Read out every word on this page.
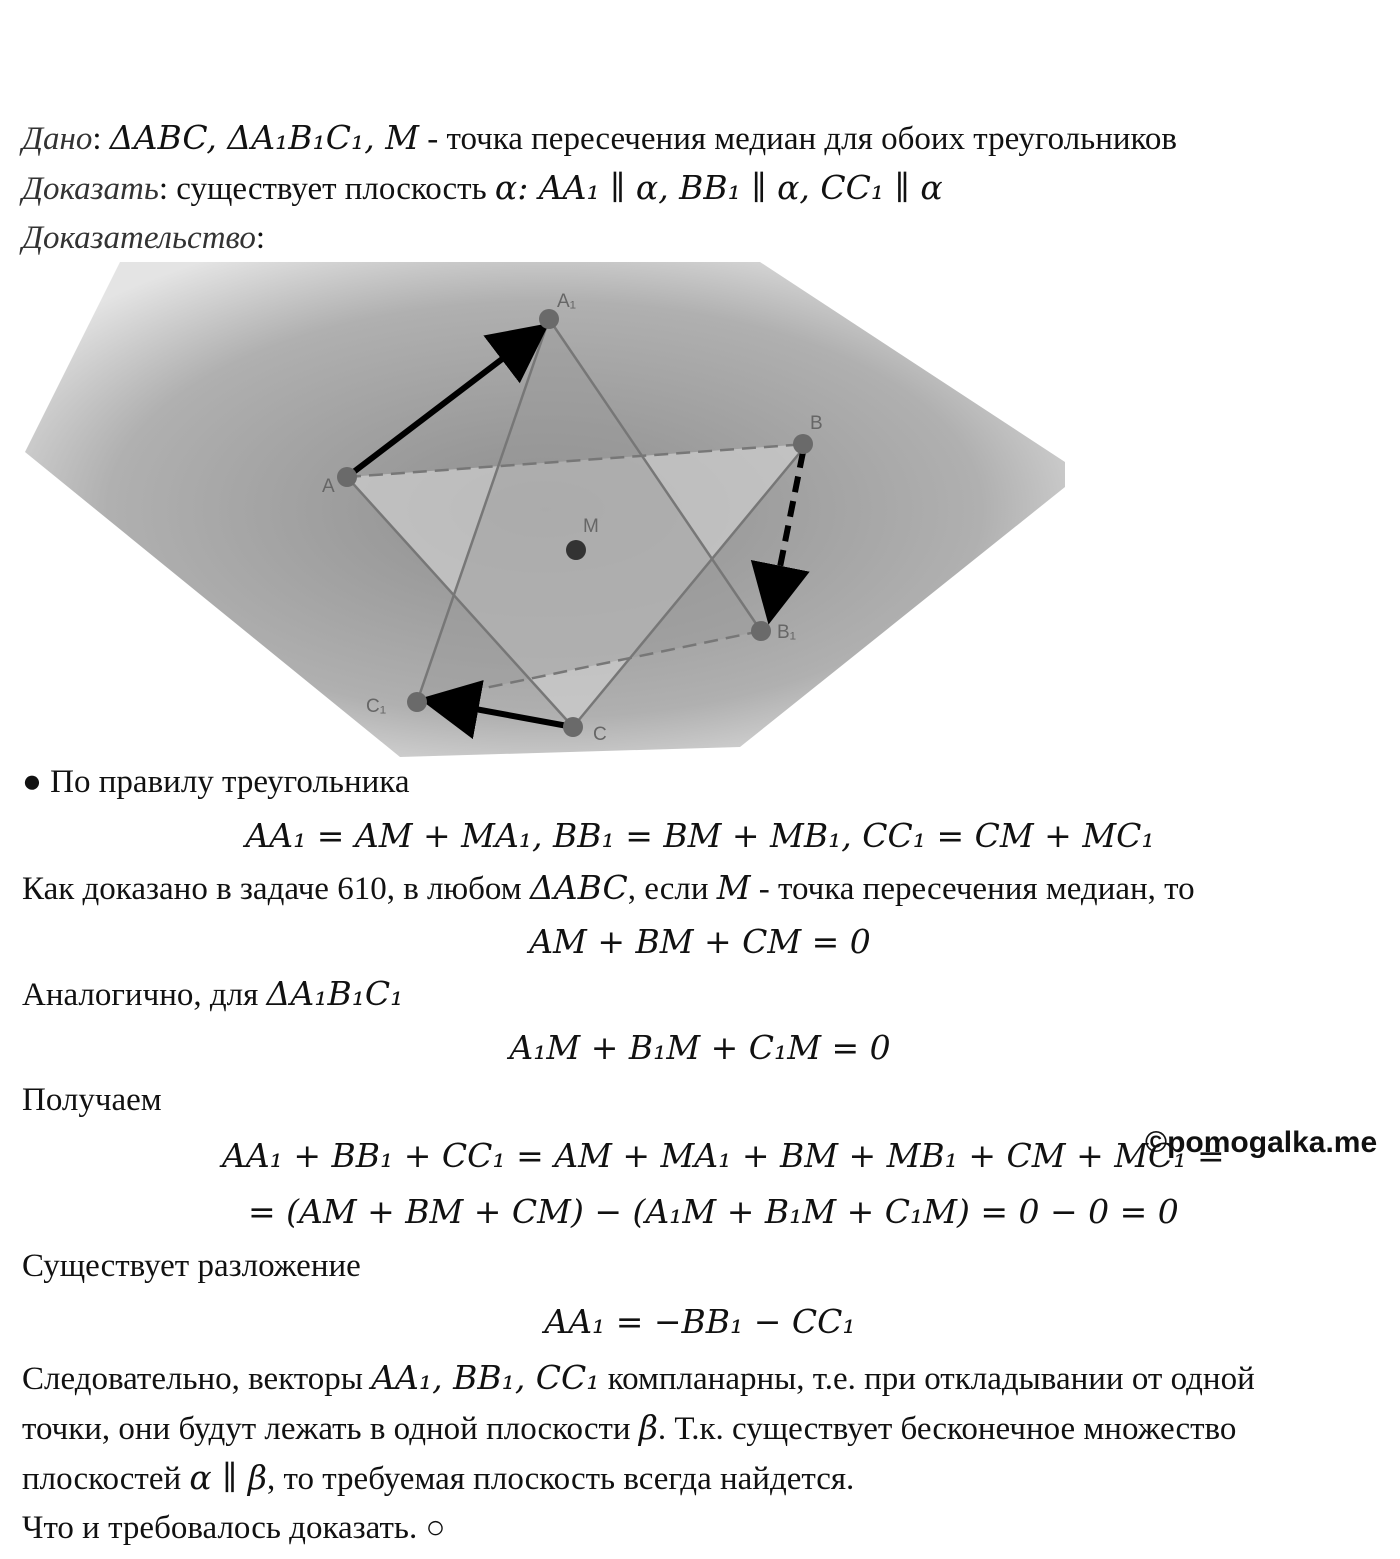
Дано: ΔABC, ΔA₁B₁C₁, M - точка пересечения медиан для обоих треугольников
Доказать: существует плоскость α: AA₁ ∥ α, BB₁ ∥ α, CC₁ ∥ α
Доказательство:
A₁
B
A
M
B₁
C₁
C
● По правилу треугольника
AA₁ = AM + MA₁, BB₁ = BM + MB₁, CC₁ = CM + MC₁
Как доказано в задаче 610, в любом ΔABC, если M - точка пересечения медиан, то
AM + BM + CM = 0
Аналогично, для ΔA₁B₁C₁
A₁M + B₁M + C₁M = 0
Получаем
AA₁ + BB₁ + CC₁ = AM + MA₁ + BM + MB₁ + CM + MC₁ =
= (AM + BM + CM) − (A₁M + B₁M + C₁M) = 0 − 0 = 0
Существует разложение
AA₁ = −BB₁ − CC₁
Следовательно, векторы AA₁, BB₁, CC₁ компланарны, т.е. при откладывании от одной
точки, они будут лежать в одной плоскости β. Т.к. существует бесконечное множество
плоскостей α ∥ β, то требуемая плоскость всегда найдется.
Что и требовалось доказать. ○
©pomogalka.me
